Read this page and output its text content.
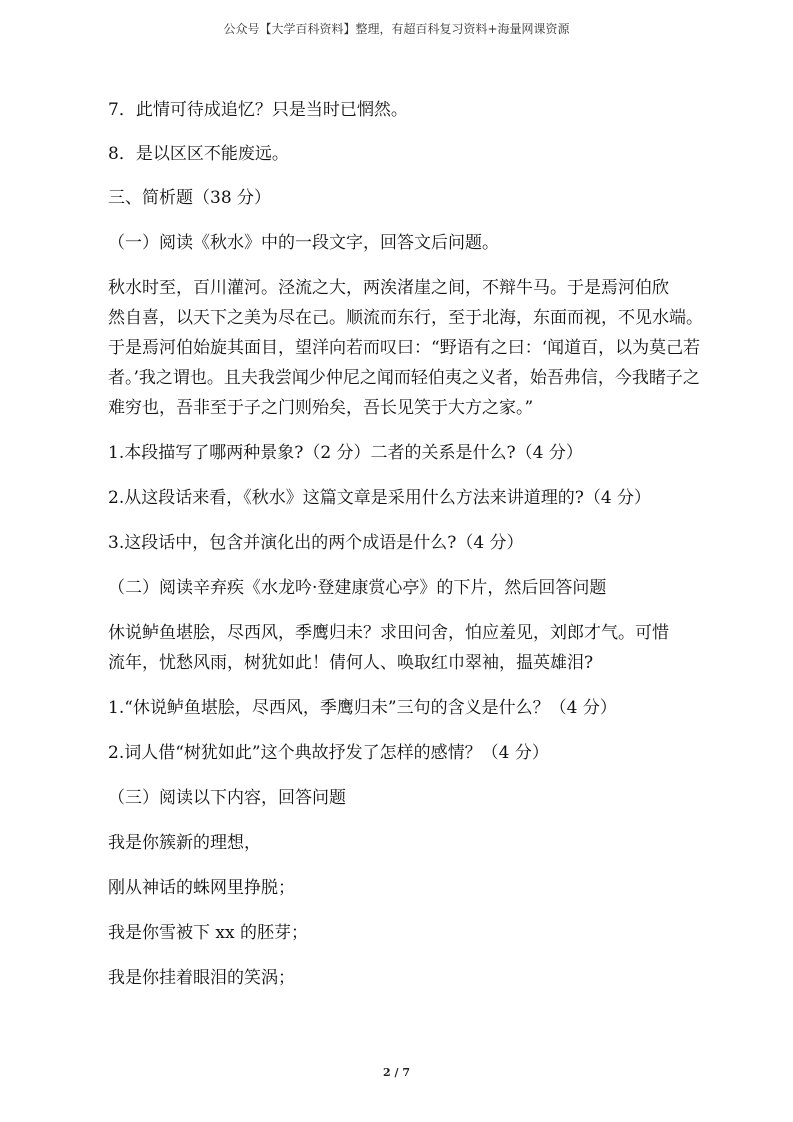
公众号【大学百科资料】整理，有超百科复习资料+海量网课资源
7．此情可待成追忆？只是当时已惘然。
8．是以区区不能废远。
三、简析题（38 分）
（一）阅读《秋水》中的一段文字，回答文后问题。
秋水时至，百川灌河。泾流之大，两涘渚崖之间，不辩牛马。于是焉河伯欣
然自喜，以天下之美为尽在己。顺流而东行，至于北海，东面而视，不见水端。
于是焉河伯始旋其面目，望洋向若而叹曰：“野语有之曰：‘闻道百，以为莫己若
者。’我之谓也。且夫我尝闻少仲尼之闻而轻伯夷之义者，始吾弗信，今我睹子之
难穷也，吾非至于子之门则殆矣，吾长见笑于大方之家。”
1.本段描写了哪两种景象?（2 分）二者的关系是什么?（4 分）
2.从这段话来看，《秋水》这篇文章是采用什么方法来讲道理的?（4 分）
3.这段话中，包含并演化出的两个成语是什么?（4 分）
（二）阅读辛弃疾《水龙吟·登建康赏心亭》的下片，然后回答问题
休说鲈鱼堪脍，尽西风，季鹰归未？求田问舍，怕应羞见，刘郎才气。可惜
流年，忧愁风雨，树犹如此！倩何人、唤取红巾翠袖，揾英雄泪?
1.“休说鲈鱼堪脍，尽西风，季鹰归未”三句的含义是什么？（4 分）
2.词人借“树犹如此”这个典故抒发了怎样的感情？（4 分）
（三）阅读以下内容，回答问题
我是你簇新的理想，
刚从神话的蛛网里挣脱；
我是你雪被下 xx 的胚芽；
我是你挂着眼泪的笑涡；
2 / 7
